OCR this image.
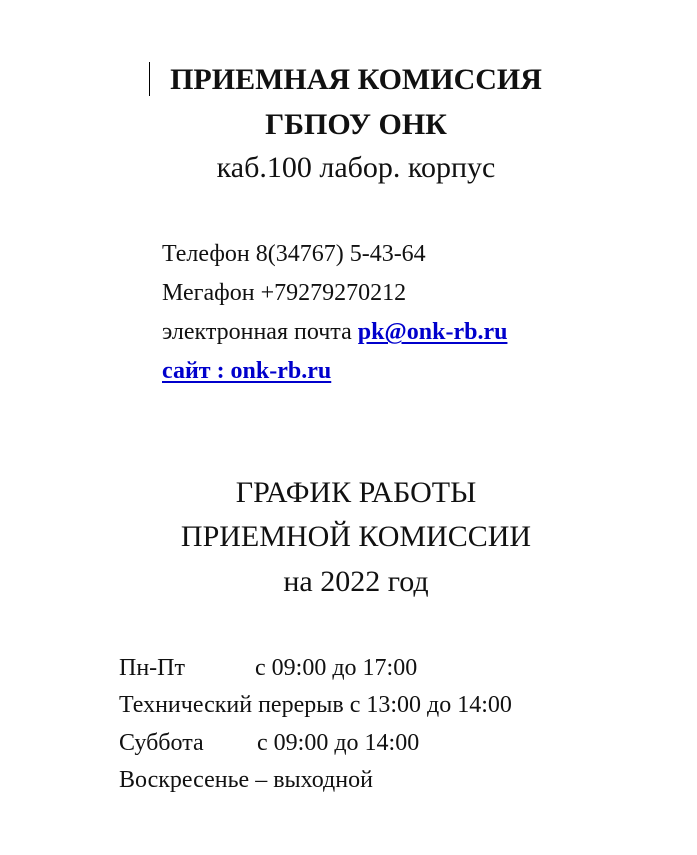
ПРИЕМНАЯ КОМИССИЯ
ГБПОУ ОНК
каб.100 лабор. корпус
Телефон 8(34767) 5-43-64
Мегафон +79279270212
электронная почта pk@onk-rb.ru
сайт : onk-rb.ru
ГРАФИК РАБОТЫ
ПРИЕМНОЙ КОМИССИИ
на 2022 год
Пн-Пт	с 09:00 до 17:00
Технический перерыв с 13:00 до 14:00
Суббота с 09:00 до 14:00
Воскресенье – выходной
